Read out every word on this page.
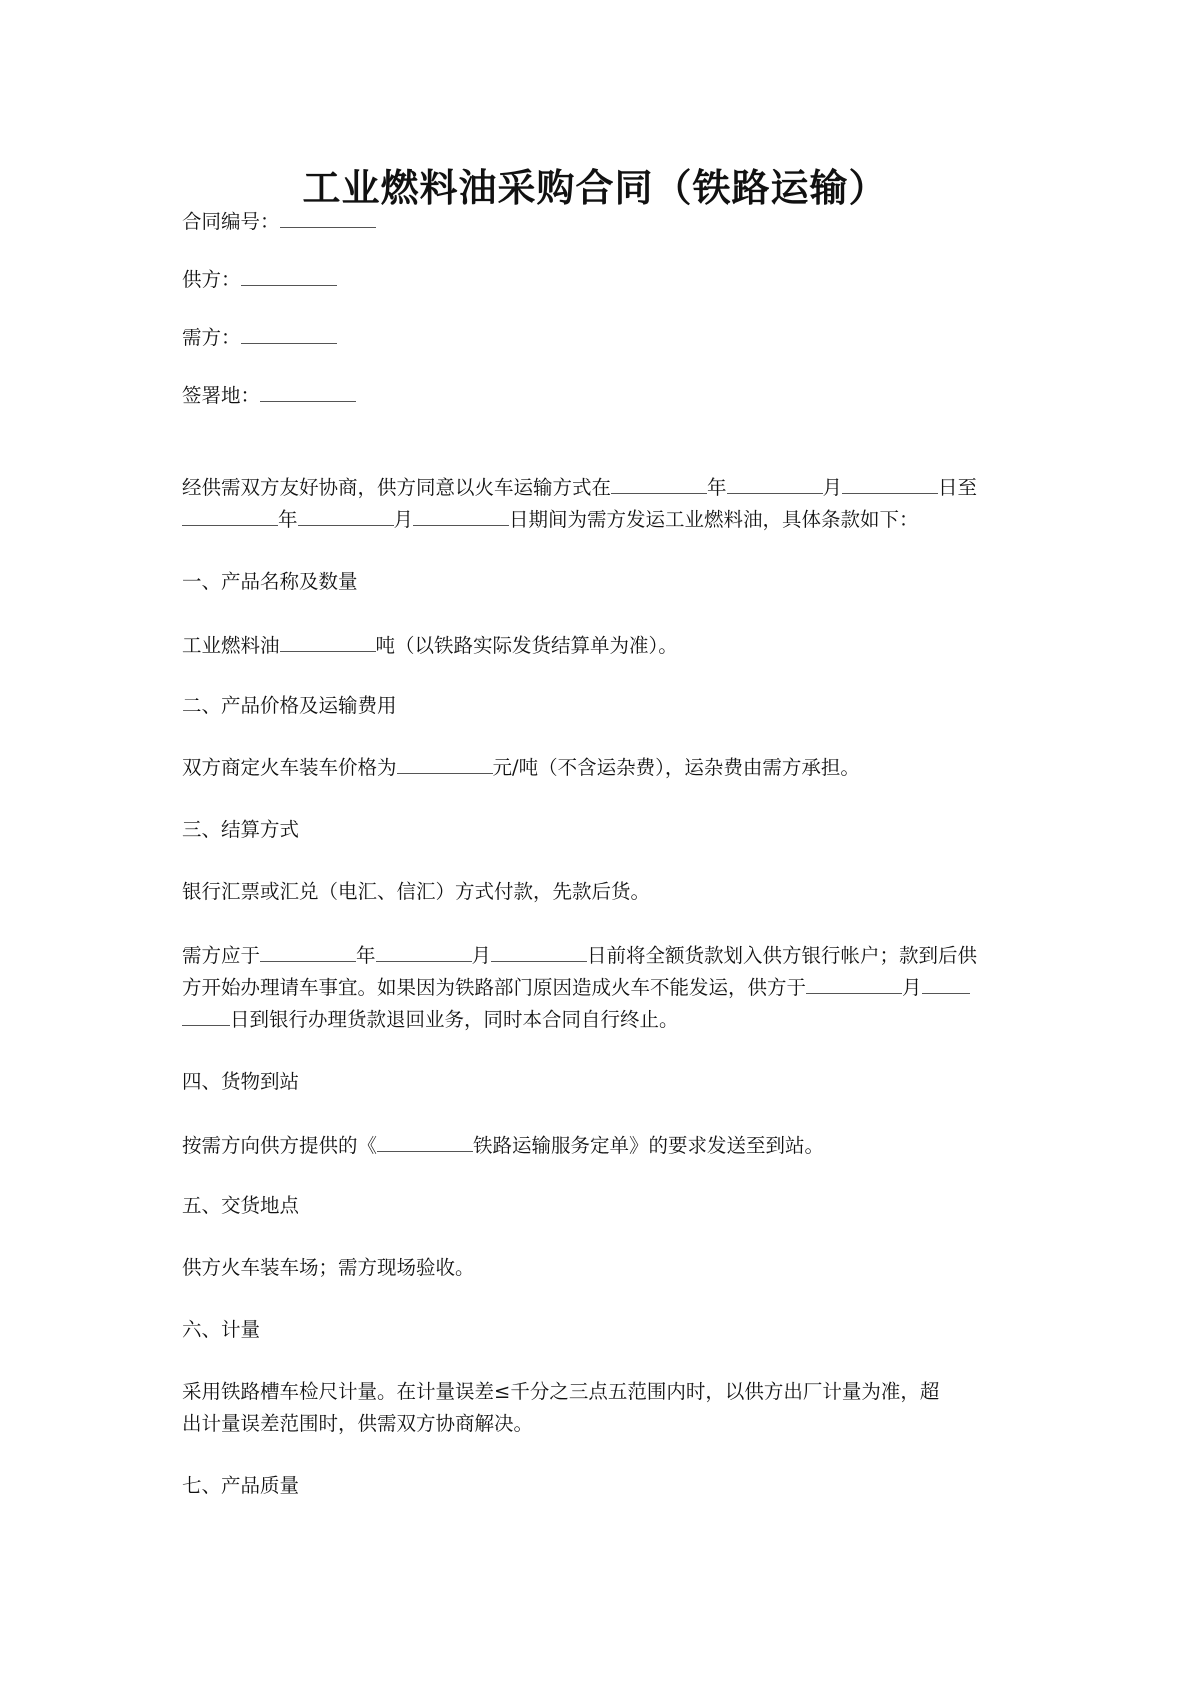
工业燃料油采购合同（铁路运输）
合同编号：
供方：
需方：
签署地：
经供需双方友好协商，供方同意以火车运输方式在	年	月	日至
年	月	日期间为需方发运工业燃料油，具体条款如下：
一、产品名称及数量
工业燃料油	吨（以铁路实际发货结算单为准）。
二、产品价格及运输费用
双方商定火车装车价格为	元/吨（不含运杂费），运杂费由需方承担。
三、结算方式
银行汇票或汇兑（电汇、信汇）方式付款，先款后货。
需方应于	年	月	日前将全额货款划入供方银行帐户；款到后供
方开始办理请车事宜。如果因为铁路部门原因造成火车不能发运，供方于	月
日到银行办理货款退回业务，同时本合同自行终止。
四、货物到站
按需方向供方提供的《	铁路运输服务定单》的要求发送至到站。
五、交货地点
供方火车装车场；需方现场验收。
六、计量
采用铁路槽车检尺计量。在计量误差≤千分之三点五范围内时，以供方出厂计量为准，超
出计量误差范围时，供需双方协商解决。
七、产品质量
